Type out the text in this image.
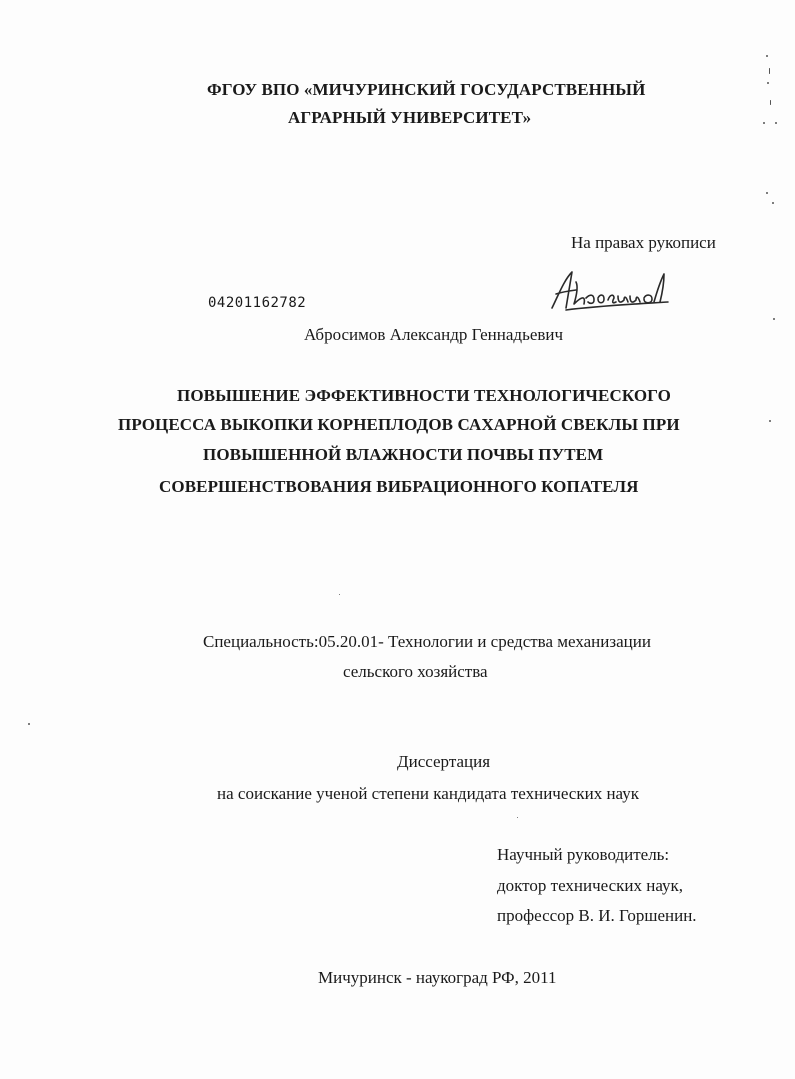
ФГОУ ВПО «МИЧУРИНСКИЙ ГОСУДАРСТВЕННЫЙ
АГРАРНЫЙ УНИВЕРСИТЕТ»
На правах рукописи
04201162782
Абросимов Александр Геннадьевич
ПОВЫШЕНИЕ ЭФФЕКТИВНОСТИ ТЕХНОЛОГИЧЕСКОГО
ПРОЦЕССА ВЫКОПКИ КОРНЕПЛОДОВ САХАРНОЙ СВЕКЛЫ ПРИ
ПОВЫШЕННОЙ ВЛАЖНОСТИ ПОЧВЫ ПУТЕМ
СОВЕРШЕНСТВОВАНИЯ ВИБРАЦИОННОГО КОПАТЕЛЯ
Специальность:05.20.01- Технологии и средства механизации
сельского хозяйства
Диссертация
на соискание ученой степени кандидата технических наук
Научный руководитель:
доктор технических наук,
профессор В. И. Горшенин.
Мичуринск - наукоград РФ, 2011
